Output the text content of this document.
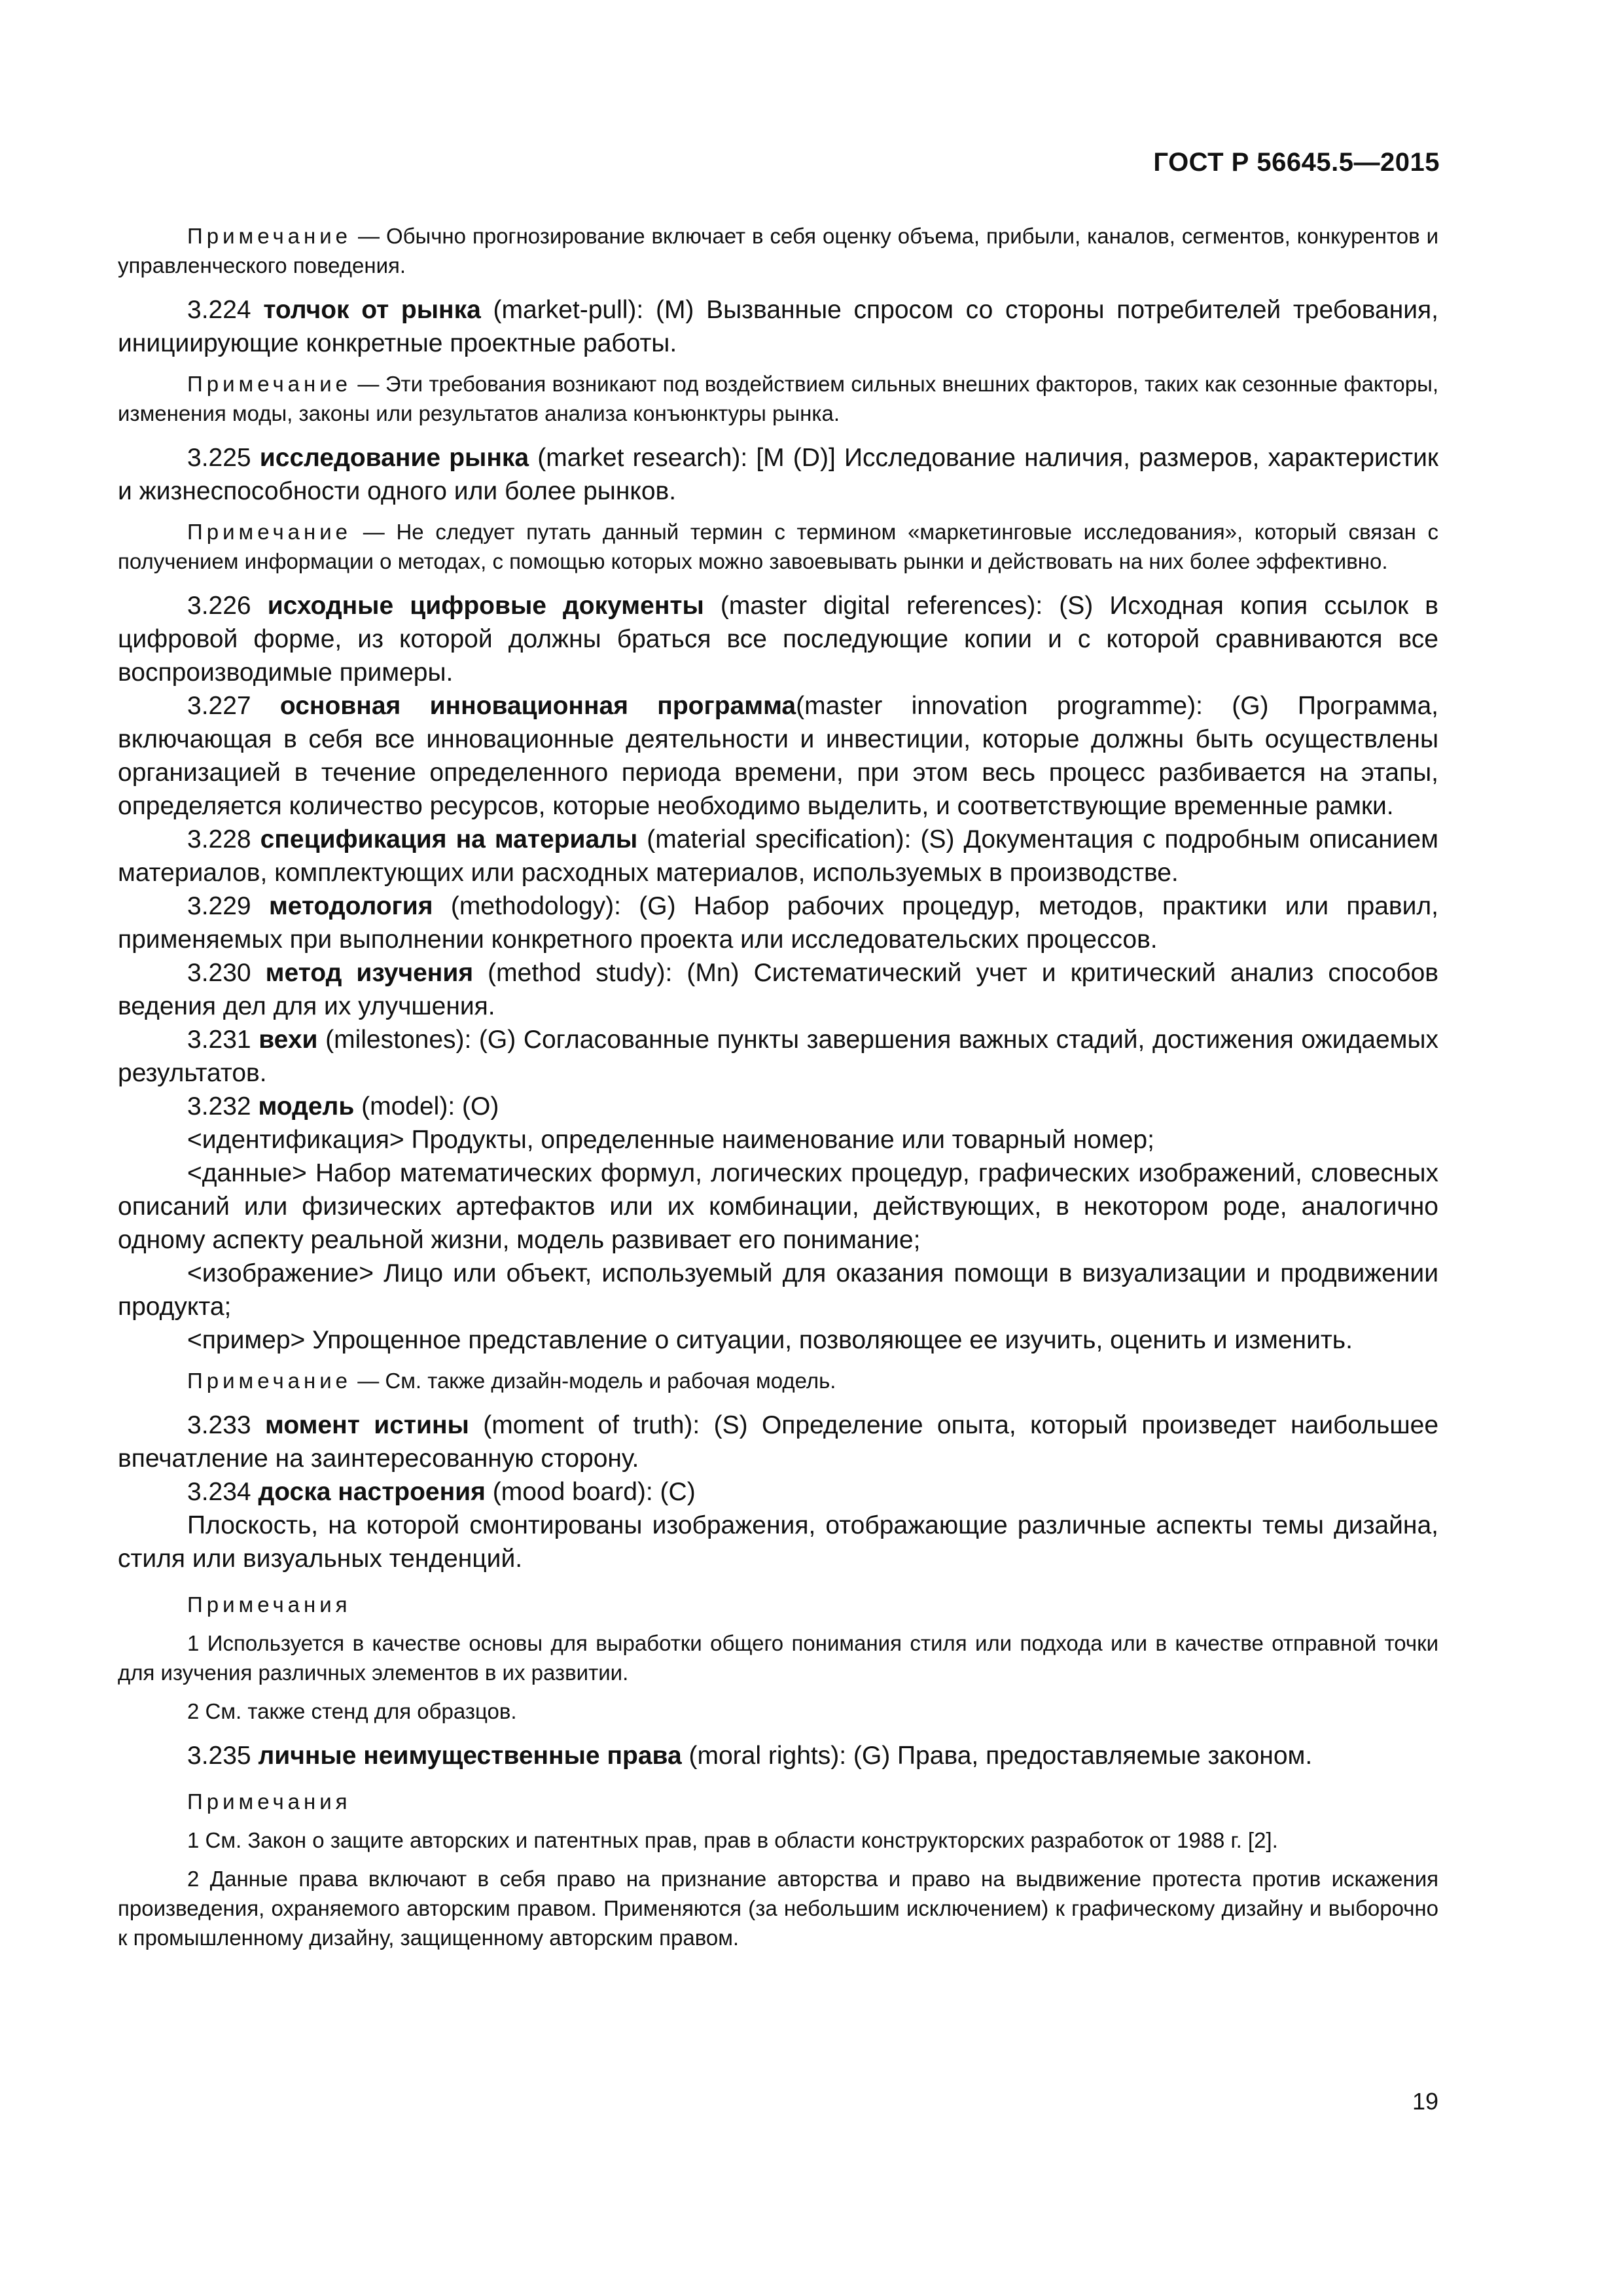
ГОСТ Р 56645.5—2015

Примечание — Обычно прогнозирование включает в себя оценку объема, прибыли, каналов, сегментов, конкурентов и управленческого поведения.

3.224 толчок от рынка (market-pull): (M) Вызванные спросом со стороны потребителей требования, инициирующие конкретные проектные работы.

Примечание — Эти требования возникают под воздействием сильных внешних факторов, таких как сезонные факторы, изменения моды, законы или результатов анализа конъюнктуры рынка.

3.225 исследование рынка (market research): [M (D)] Исследование наличия, размеров, характеристик и жизнеспособности одного или более рынков.

Примечание — Не следует путать данный термин с термином «маркетинговые исследования», который связан с получением информации о методах, с помощью которых можно завоевывать рынки и действовать на них более эффективно.

3.226 исходные цифровые документы (master digital references): (S) Исходная копия ссылок в цифровой форме, из которой должны браться все последующие копии и с которой сравниваются все воспроизводимые примеры.

3.227 основная инновационная программа(master innovation programme): (G) Программа, включающая в себя все инновационные деятельности и инвестиции, которые должны быть осуществлены организацией в течение определенного периода времени, при этом весь процесс разбивается на этапы, определяется количество ресурсов, которые необходимо выделить, и соответствующие временные рамки.

3.228 спецификация на материалы (material specification): (S) Документация с подробным описанием материалов, комплектующих или расходных материалов, используемых в производстве.

3.229 методология (methodology): (G) Набор рабочих процедур, методов, практики или правил, применяемых при выполнении конкретного проекта или исследовательских процессов.

3.230 метод изучения (method study): (Mn) Систематический учет и критический анализ способов ведения дел для их улучшения.

3.231 вехи (milestones): (G) Согласованные пункты завершения важных стадий, достижения ожидаемых результатов.

3.232 модель (model): (O)

<идентификация> Продукты, определенные наименование или товарный номер;

<данные> Набор математических формул, логических процедур, графических изображений, словесных описаний или физических артефактов или их комбинации, действующих, в некотором роде, аналогично одному аспекту реальной жизни, модель развивает его понимание;

<изображение> Лицо или объект, используемый для оказания помощи в визуализации и продвижении продукта;

<пример> Упрощенное представление о ситуации, позволяющее ее изучить, оценить и изменить.

Примечание — См. также дизайн-модель и рабочая модель.

3.233 момент истины (moment of truth): (S) Определение опыта, который произведет наибольшее впечатление на заинтересованную сторону.

3.234 доска настроения (mood board): (C)

Плоскость, на которой смонтированы изображения, отображающие различные аспекты темы дизайна, стиля или визуальных тенденций.

Примечания

1 Используется в качестве основы для выработки общего понимания стиля или подхода или в качестве отправной точки для изучения различных элементов в их развитии.

2 См. также стенд для образцов.

3.235 личные неимущественные права (moral rights): (G) Права, предоставляемые законом.

Примечания

1 См. Закон о защите авторских и патентных прав, прав в области конструкторских разработок от 1988 г. [2].

2 Данные права включают в себя право на признание авторства и право на выдвижение протеста против искажения произведения, охраняемого авторским правом. Применяются (за небольшим исключением) к графическому дизайну и выборочно к промышленному дизайну, защищенному авторским правом.

19
